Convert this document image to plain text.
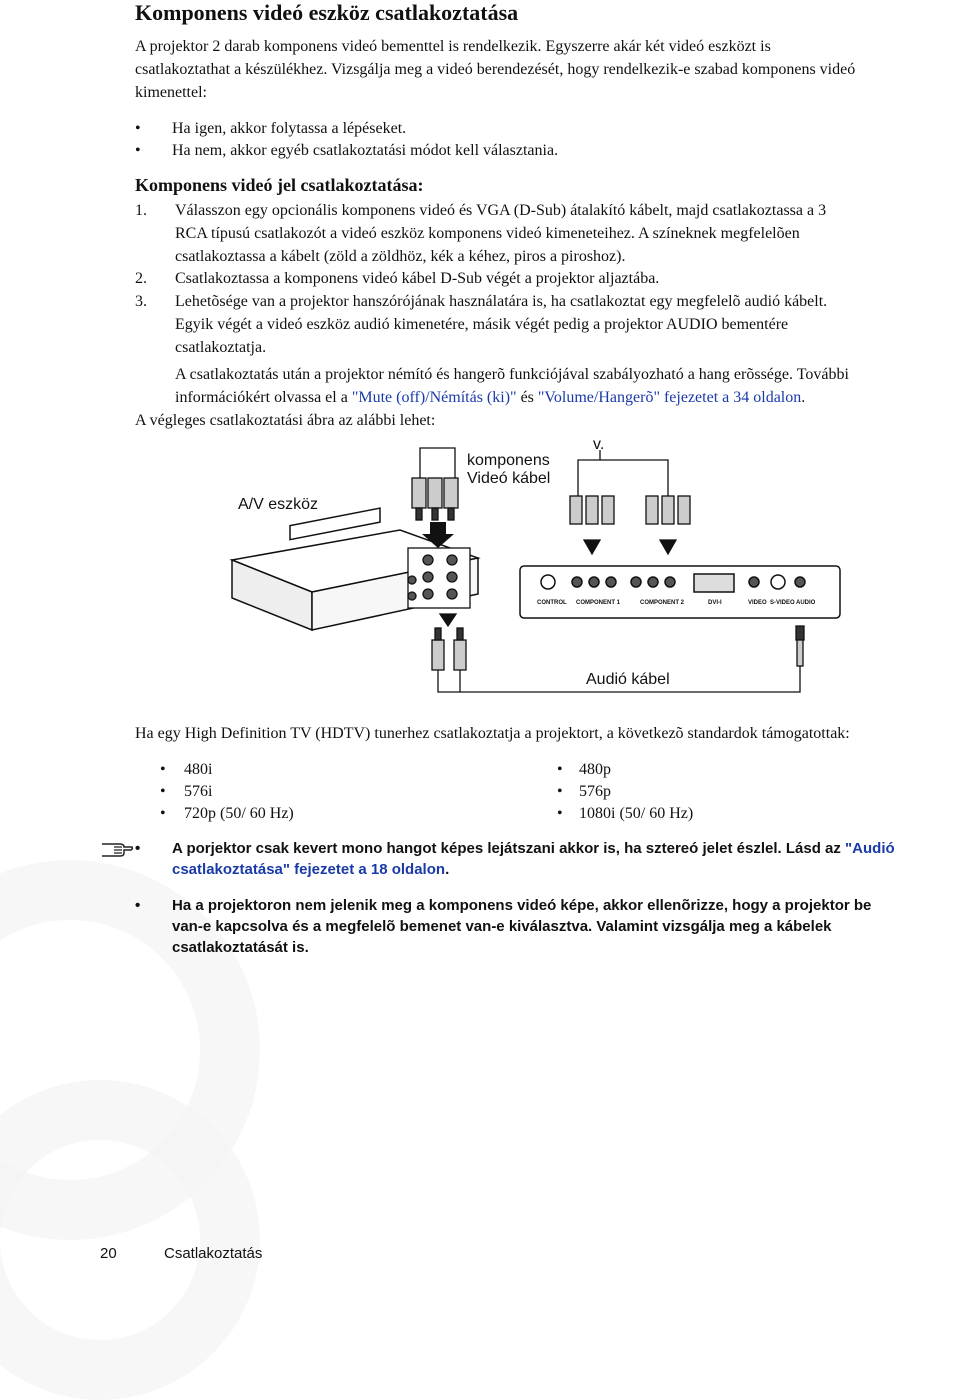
Komponens videó eszköz csatlakoztatása
A projektor 2 darab komponens videó bementtel is rendelkezik. Egyszerre akár két videó eszközt is
csatlakoztathat a készülékhez. Vizsgálja meg a videó berendezését, hogy rendelkezik-e szabad komponens videó
kimenettel:
• Ha igen, akkor folytassa a lépéseket.
• Ha nem, akkor egyéb csatlakoztatási módot kell választania.
Komponens videó jel csatlakoztatása:
1. Válasszon egy opcionális komponens videó és VGA (D-Sub) átalakító kábelt, majd csatlakoztassa a 3
RCA típusú csatlakozót a videó eszköz komponens videó kimeneteihez. A színeknek megfelelõen
csatlakoztassa a kábelt (zöld a zöldhöz, kék a kéhez, piros a piroshoz).
2. Csatlakoztassa a komponens videó kábel D-Sub végét a projektor aljaztába.
3. Lehetõsége van a projektor hanszórójának használatára is, ha csatlakoztat egy megfelelõ audió kábelt.
Egyik végét a videó eszköz audió kimenetére, másik végét pedig a projektor AUDIO bementére
csatlakoztatja.
A csatlakoztatás után a projektor némító és hangerõ funkciójával szabályozható a hang erõssége. További
információkért olvassa el a "Mute (off)/Némítás (ki)" és "Volume/Hangerõ" fejezetet a 34 oldalon.
A végleges csatlakoztatási ábra az alábbi lehet:
CONTROL COMPONENT 1	COMPONENT 2	DVI-I	VIDEO S-VIDEO AUDIO
A/V eszköz
komponens
Videó kábel
v.
Audió kábel
Ha egy High Definition TV (HDTV) tunerhez csatlakoztatja a projektort, a következõ standardok támogatottak:
• 480i
• 576i
• 720p (50/ 60 Hz)
• 480p
• 576p
• 1080i (50/ 60 Hz)
• A porjektor csak kevert mono hangot képes lejátszani akkor is, ha sztereó jelet észlel. Lásd az "Audió
csatlakoztatása" fejezetet a 18 oldalon.
• Ha a projektoron nem jelenik meg a komponens videó képe, akkor ellenõrizze, hogy a projektor be
van-e kapcsolva és a megfelelõ bemenet van-e kiválasztva. Valamint vizsgálja meg a kábelek
csatlakoztatását is.
20	Csatlakoztatás
